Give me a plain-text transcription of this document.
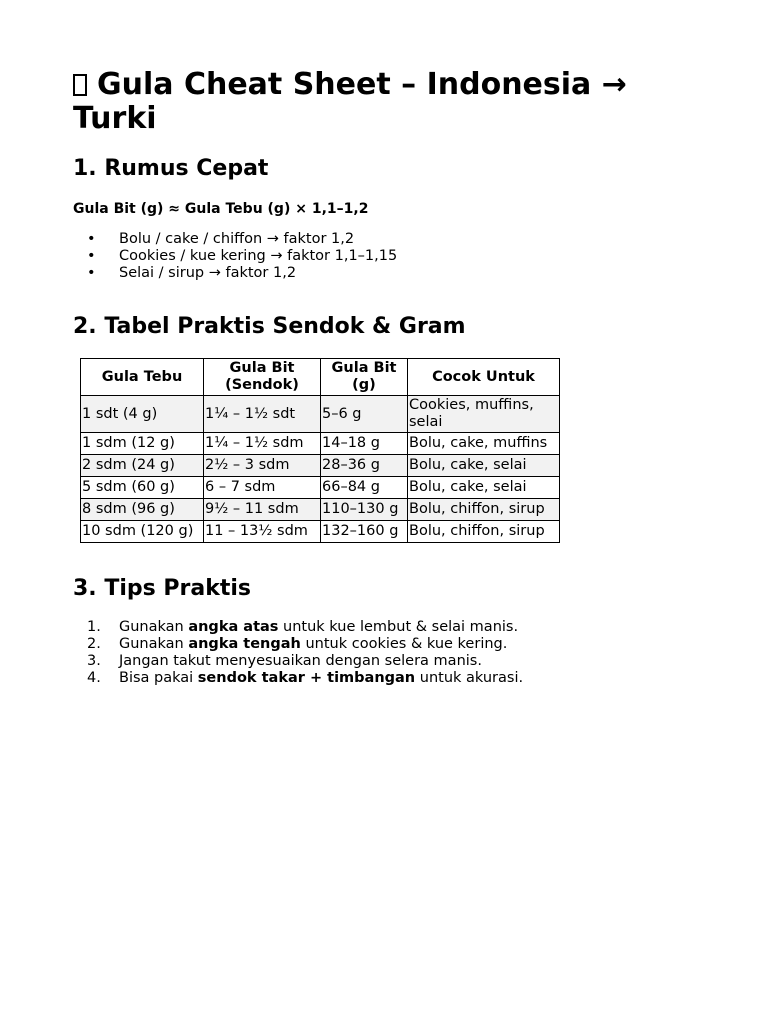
Gula Cheat Sheet – Indonesia → Turki
1. Rumus Cepat

Gula Bit (g) ≈ Gula Tebu (g) × 1,1–1,2

• Bolu / cake / chiffon → faktor 1,2
• Cookies / kue kering → faktor 1,1–1,15
• Selai / sirup → faktor 1,2
2. Tabel Praktis Sendok & Gram
Gula Tebu	Gula Bit (Sendok)	Gula Bit (g)	Cocok Untuk
1 sdt (4 g)	1¼ – 1½ sdt	5–6 g	Cookies, muffins, selai
1 sdm (12 g)	1¼ – 1½ sdm	14–18 g	Bolu, cake, muffins
2 sdm (24 g)	2½ – 3 sdm	28–36 g	Bolu, cake, selai
5 sdm (60 g)	6 – 7 sdm	66–84 g	Bolu, cake, selai
8 sdm (96 g)	9½ – 11 sdm	110–130 g	Bolu, chiffon, sirup
10 sdm (120 g)	11 – 13½ sdm	132–160 g	Bolu, chiffon, sirup
3. Tips Praktis
1. Gunakan angka atas untuk kue lembut & selai manis.
2. Gunakan angka tengah untuk cookies & kue kering.
3. Jangan takut menyesuaikan dengan selera manis.
4. Bisa pakai sendok takar + timbangan untuk akurasi.
